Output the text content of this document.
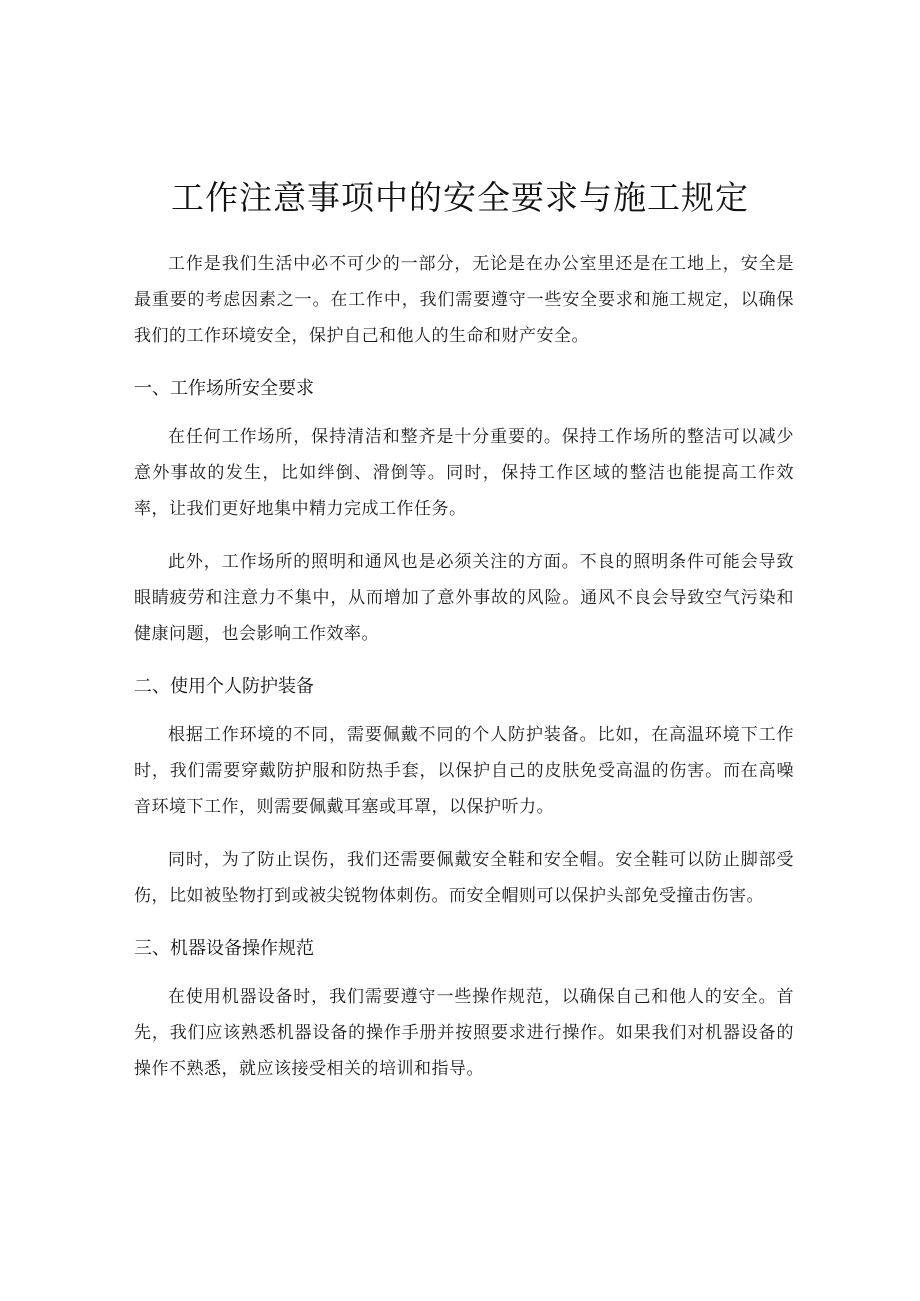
工作注意事项中的安全要求与施工规定

工作是我们生活中必不可少的一部分，无论是在办公室里还是在工地上，安全是最重要的考虑因素之一。在工作中，我们需要遵守一些安全要求和施工规定，以确保我们的工作环境安全，保护自己和他人的生命和财产安全。

一、工作场所安全要求

在任何工作场所，保持清洁和整齐是十分重要的。保持工作场所的整洁可以减少意外事故的发生，比如绊倒、滑倒等。同时，保持工作区域的整洁也能提高工作效率，让我们更好地集中精力完成工作任务。

此外，工作场所的照明和通风也是必须关注的方面。不良的照明条件可能会导致眼睛疲劳和注意力不集中，从而增加了意外事故的风险。通风不良会导致空气污染和健康问题，也会影响工作效率。

二、使用个人防护装备

根据工作环境的不同，需要佩戴不同的个人防护装备。比如，在高温环境下工作时，我们需要穿戴防护服和防热手套，以保护自己的皮肤免受高温的伤害。而在高噪音环境下工作，则需要佩戴耳塞或耳罩，以保护听力。

同时，为了防止误伤，我们还需要佩戴安全鞋和安全帽。安全鞋可以防止脚部受伤，比如被坠物打到或被尖锐物体刺伤。而安全帽则可以保护头部免受撞击伤害。

三、机器设备操作规范

在使用机器设备时，我们需要遵守一些操作规范，以确保自己和他人的安全。首先，我们应该熟悉机器设备的操作手册并按照要求进行操作。如果我们对机器设备的操作不熟悉，就应该接受相关的培训和指导。
